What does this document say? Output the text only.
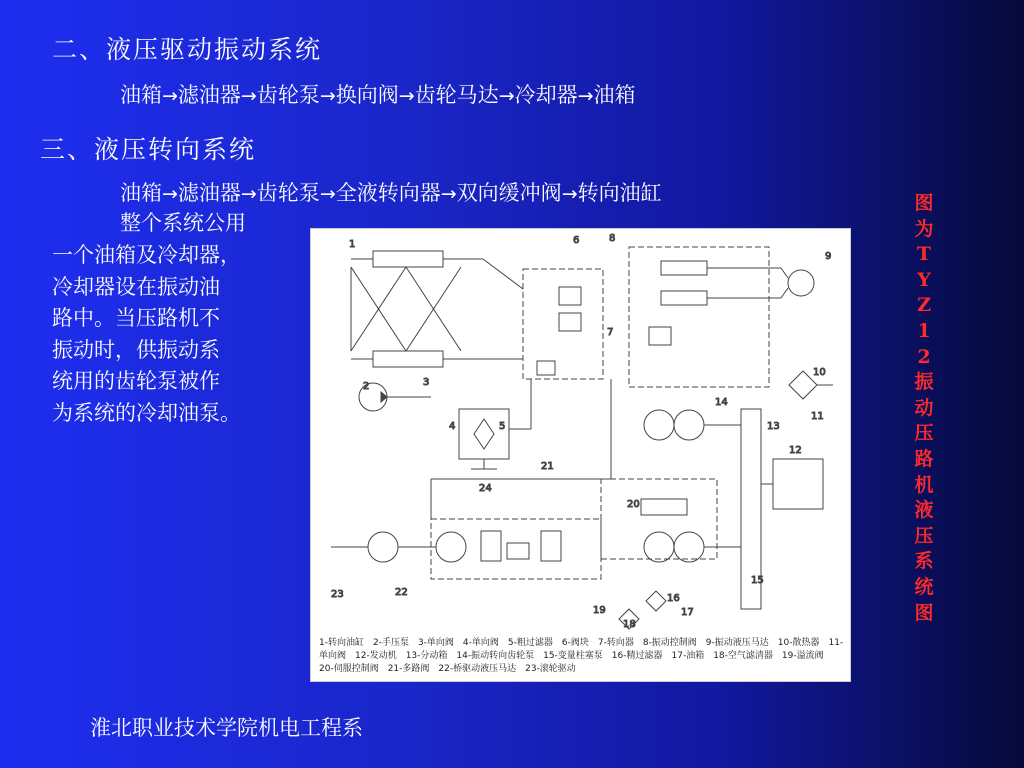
二、液压驱动振动系统
油箱→滤油器→齿轮泵→换向阀→齿轮马达→冷却器→油箱
三、液压转向系统
油箱→滤油器→齿轮泵→全液转向器→双向缓冲阀→转向油缸
整个系统公用
一个油箱及冷却器，
冷却器设在振动油
路中。当压路机不
振动时，供振动系
统用的齿轮泵被作
为系统的冷却油泵。
图
为
T
Y
Z
1
2
振
动
压
路
机
液
压
系
统
图
1
2	3
4	5
6
7
8
9
10
11
12
13
14
15
16
17
18
19
20
21
22
23
24
1-转向油缸　2-手压泵　3-单向阀　4-单向阀　5-粗过滤器　6-阀块　7-转向器　8-振动控制阀　9-振动液压马达　10-散热器　11-单向阀　12-发动机　13-分动箱　14-振动转向齿轮泵　15-变量柱塞泵　16-精过滤器　17-油箱　18-空气滤清器　19-溢流阀　20-伺服控制阀　21-多路阀　22-桥驱动液压马达　23-滚轮驱动
淮北职业技术学院机电工程系
